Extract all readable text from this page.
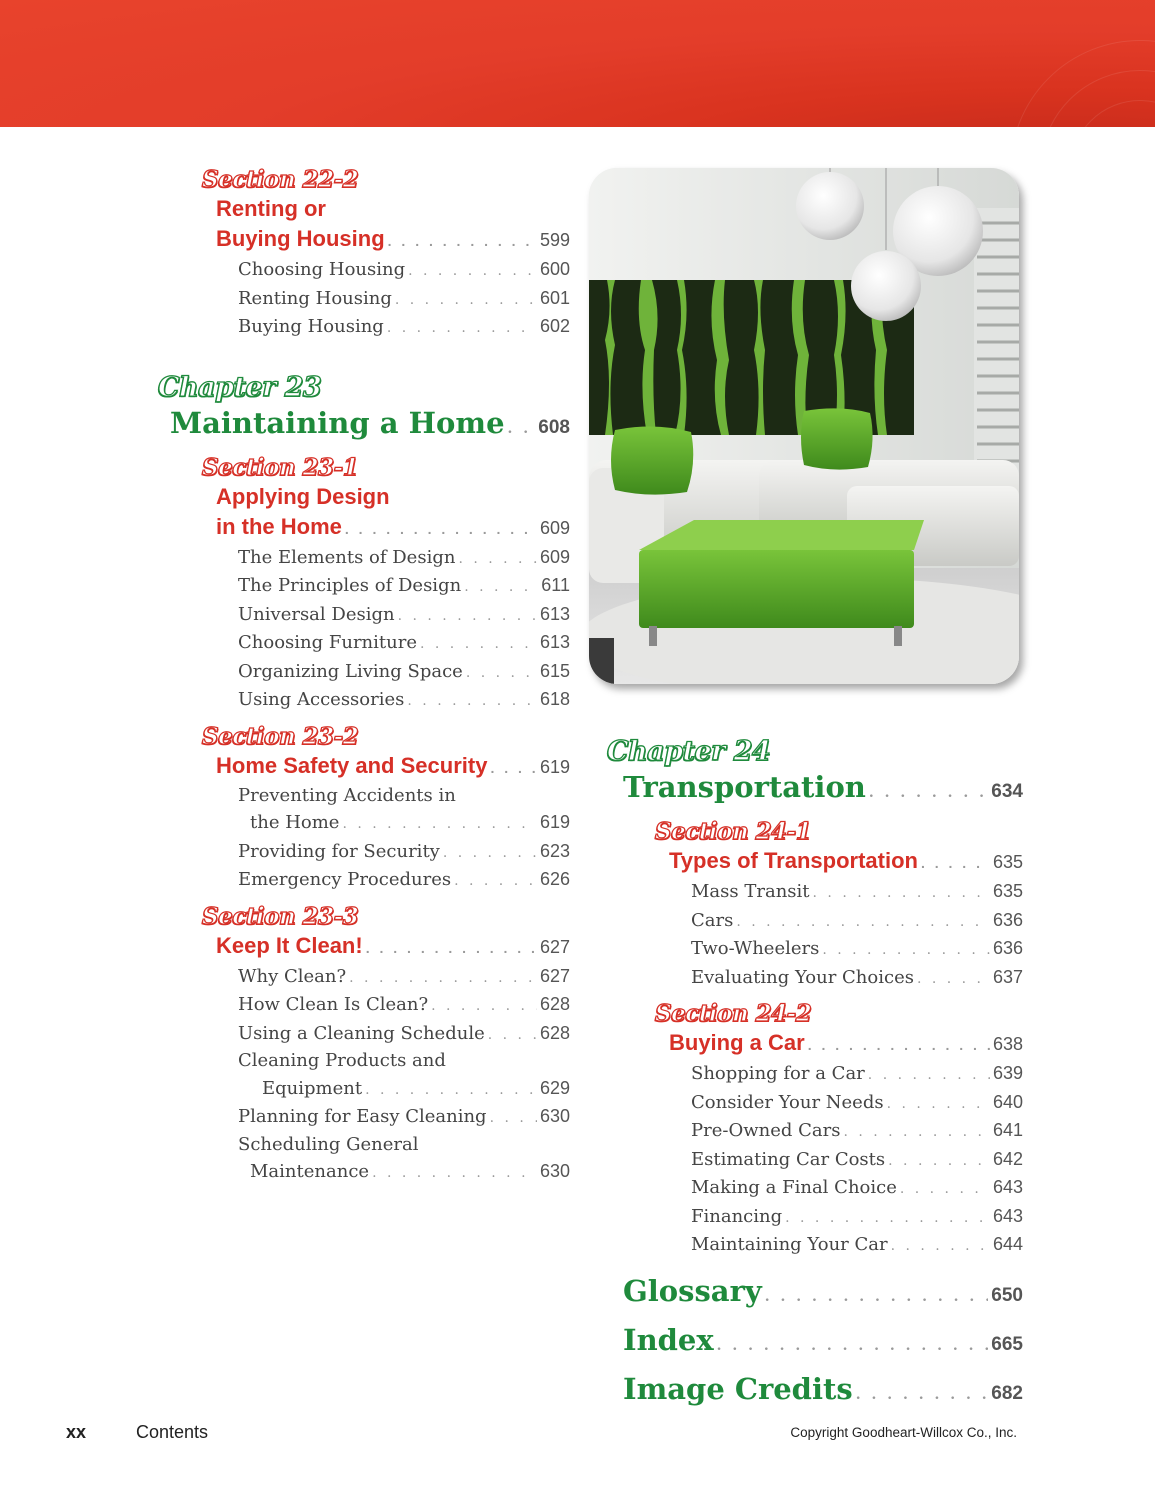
Section 22-2
Renting or
Buying Housing . . .	599
Choosing Housing . . .	600
Renting Housing . . .	601
Buying Housing . . .	602
Chapter 23
Maintaining a Home . . . 608
Section 23-1
Applying Design
in the Home . . .	609
The Elements of Design . . .	609
The Principles of Design . . .	611
Universal Design . . .	613
Choosing Furniture . . .	613
Organizing Living Space . . .	615
Using Accessories . . .	618
Section 23-2
Home Safety and Security . . .	619
Preventing Accidents in
the Home . . .	619
Providing for Security . . .	623
Emergency Procedures . . .	626
Section 23-3
Keep It Clean! . . .	627
Why Clean? . . .	627
How Clean Is Clean? . . .	628
Using a Cleaning Schedule . . .	628
Cleaning Products and
Equipment . . .	629
Planning for Easy Cleaning . . .	630
Scheduling General
Maintenance . . .	630
Chapter 24
Transportation . . .	634
Section 24-1
Types of Transportation . . .	635
Mass Transit . . .	635
Cars . . .	636
Two-Wheelers . . .	636
Evaluating Your Choices . . .	637
Section 24-2
Buying a Car . . .	638
Shopping for a Car . . .	639
Consider Your Needs . . .	640
Pre-Owned Cars . . .	641
Estimating Car Costs . . .	642
Making a Final Choice . . .	643
Financing . . .	643
Maintaining Your Car . . .	644
Glossary . . .	650
Index . . .	665
Image Credits . . .	682
xx	Contents	Copyright Goodheart-Willcox Co., Inc.
